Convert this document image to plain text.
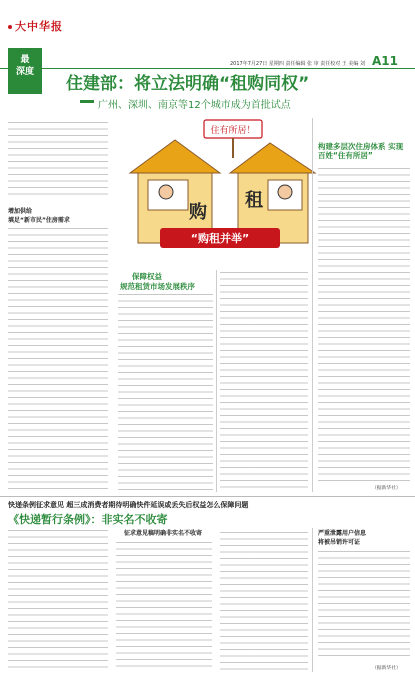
大中华报
2017年7月27日 星期四 责任编辑 张 审 责任校对 王 美编 刘 A11
最
深度
住建部：将立法明确“租购同权”
广州、深圳、南京等12个城市成为首批试点
增加供给
填足“新市民”住房需求
住有所居！
购
租
“购租并举”
保障权益
规范租赁市场发展秩序
构建多层次住房体系 实现百姓“住有所居”
（据新华社）
快递条例征求意见 超三成消费者期待明确快件延误或丢失后权益怎么保障问题
《快递暂行条例》：非实名不收寄
征求意见稿明确非实名不收寄	严重泄露用户信息
将被吊销许可证
（据新华社）
